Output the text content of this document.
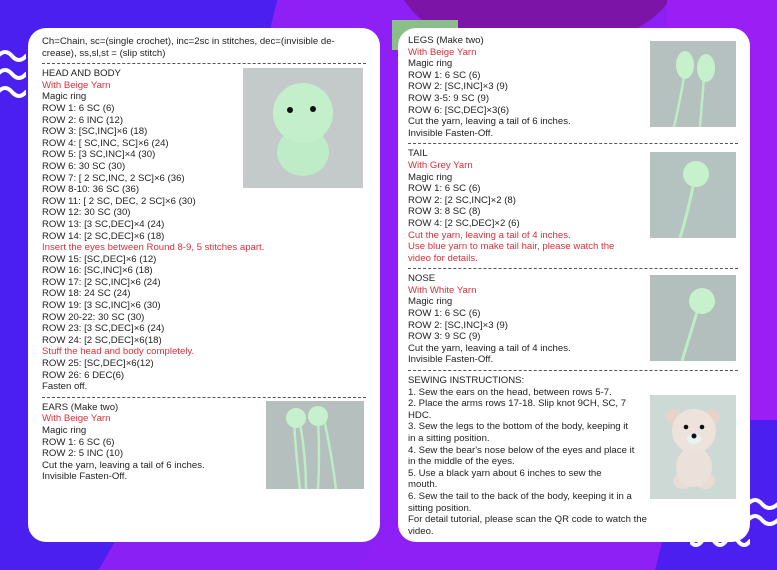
Ch=Chain, sc=(single crochet), inc=2sc in stitches, dec=(invisible de-crease), ss,sl,st = (slip stitch)
HEAD AND BODY
With Beige Yarn
Magic ring
ROW 1: 6 SC (6)
ROW 2: 6 INC (12)
ROW 3: [SC,INC]×6 (18)
ROW 4: [ SC,INC, SC]×6 (24)
ROW 5: [3 SC,INC]×4 (30)
ROW 6: 30 SC (30)
ROW 7: [ 2 SC,INC, 2 SC]×6 (36)
ROW 8-10: 36 SC (36)
ROW 11: [ 2 SC, DEC, 2 SC]×6 (30)
ROW 12: 30 SC (30)
ROW 13: [3 SC,DEC]×4 (24)
ROW 14: [2 SC,DEC]×6 (18)
Insert the eyes between Round 8-9, 5 stitches apart.
ROW 15: [SC,DEC]×6 (12)
ROW 16: [SC,INC]×6 (18)
ROW 17: [2 SC,INC]×6 (24)
ROW 18: 24 SC (24)
ROW 19: [3 SC,INC]×6 (30)
ROW 20-22: 30 SC (30)
ROW 23: [3 SC,DEC]×6 (24)
ROW 24: [2 SC,DEC]×6(18)
Stuff the head and body completely.
ROW 25: [SC,DEC]×6(12)
ROW 26: 6 DEC(6)
Fasten off.
EARS (Make two)
With Beige Yarn
Magic ring
ROW 1: 6 SC (6)
ROW 2: 5 INC (10)
Cut the yarn, leaving a tail of 6 inches.
Invisible Fasten-Off.
LEGS (Make two)
With Beige Yarn
Magic ring
ROW 1: 6 SC (6)
ROW 2: [SC,INC]×3 (9)
ROW 3-5: 9 SC (9)
ROW 6: [SC,DEC]×3(6)
Cut the yarn, leaving a tail of 6 inches.
Invisible Fasten-Off.
TAIL
With Grey Yarn
Magic ring
ROW 1: 6 SC (6)
ROW 2: [2 SC,INC]×2 (8)
ROW 3: 8 SC (8)
ROW 4: [2 SC,DEC]×2 (6)
Cut the yarn, leaving a tail of 4 inches.
Use blue yarn to make tail hair, please watch the
video for details.
NOSE
With White Yarn
Magic ring
ROW 1: 6 SC (6)
ROW 2: [SC,INC]×3 (9)
ROW 3: 9 SC (9)
Cut the yarn, leaving a tail of 4 inches.
Invisible Fasten-Off.
SEWING INSTRUCTIONS:
1. Sew the ears on the head, between rows 5-7.
2. Place the arms rows 17-18. Slip knot 9CH, SC, 7 HDC.
3. Sew the legs to the bottom of the body, keeping it in a sitting position.
4. Sew the bear's nose below of the eyes and place it in the middle of the eyes.
5. Use a black yarn about 6 inches to sew the mouth.
6. Sew the tail to the back of the body, keeping it in a sitting position.
For detail tutorial, please scan the QR code to watch the video.
